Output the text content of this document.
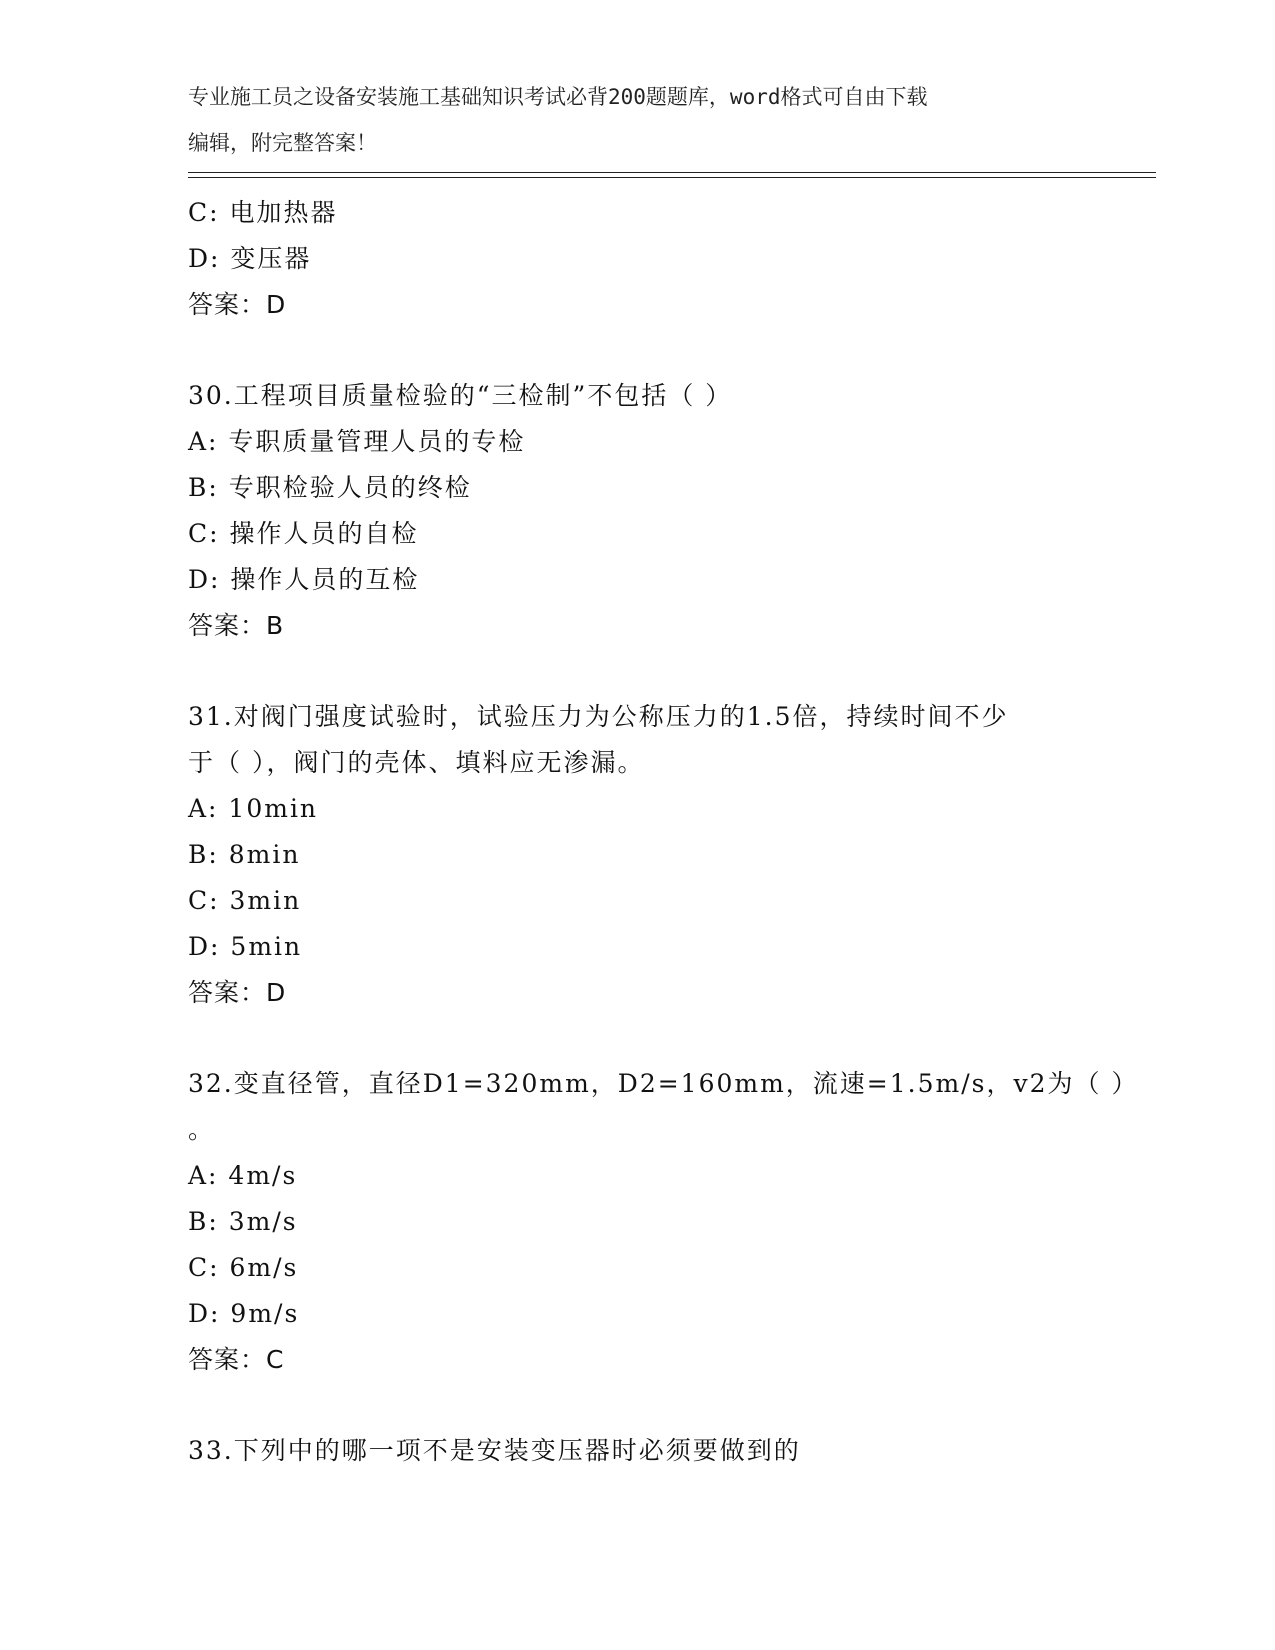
专业施工员之设备安装施工基础知识考试必背200题题库，word格式可自由下载
编辑，附完整答案！
C: 电加热器
D: 变压器
答案：D
30.工程项目质量检验的“三检制”不包括（ ）
A: 专职质量管理人员的专检
B: 专职检验人员的终检
C: 操作人员的自检
D: 操作人员的互检
答案：B
31.对阀门强度试验时，试验压力为公称压力的1.5倍，持续时间不少
于（ ），阀门的壳体、填料应无渗漏。
A: 10min
B: 8min
C: 3min
D: 5min
答案：D
32.变直径管，直径D1=320mm，D2=160mm，流速=1.5m/s，v2为（ ）
。
A: 4m/s
B: 3m/s
C: 6m/s
D: 9m/s
答案：C
33.下列中的哪一项不是安装变压器时必须要做到的
